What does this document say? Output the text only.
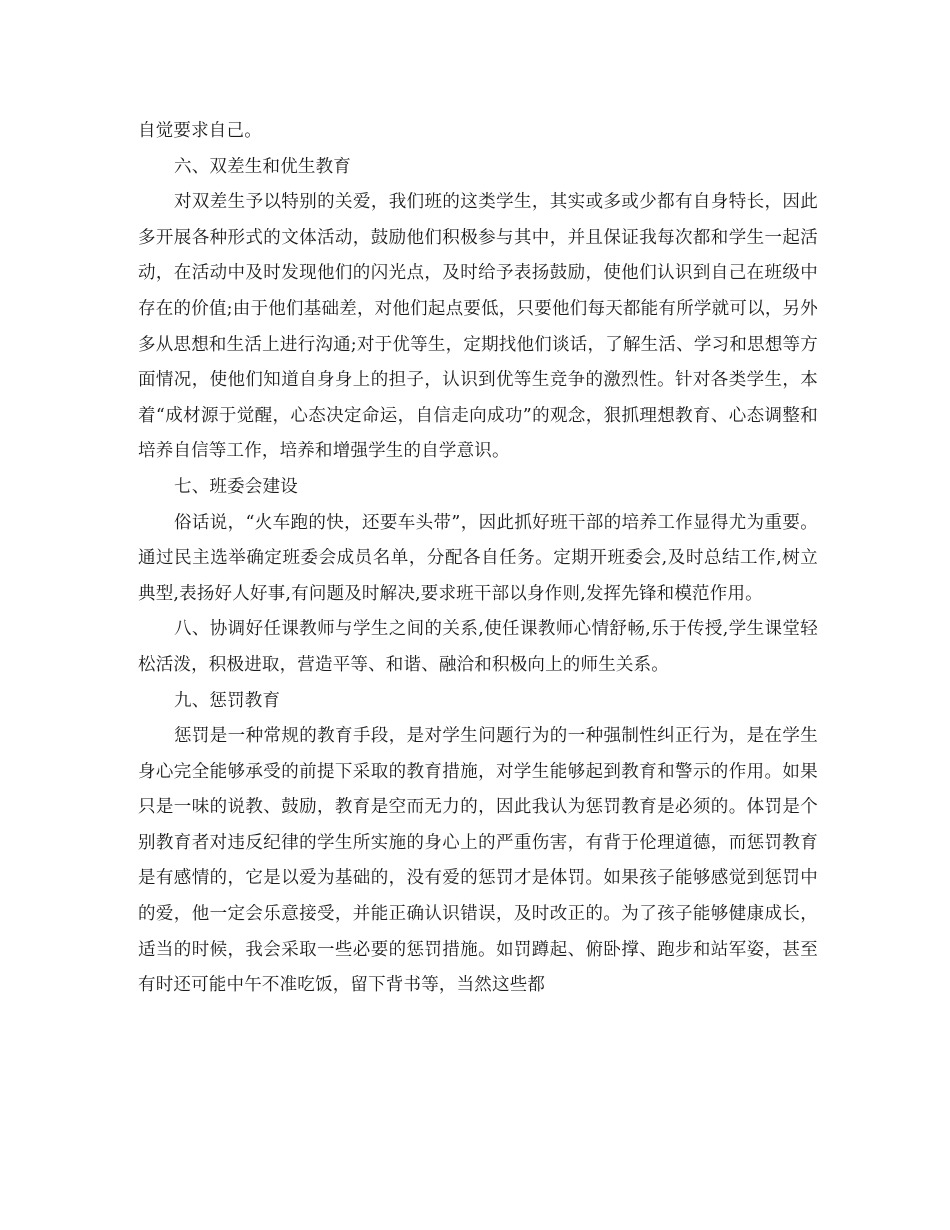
自觉要求自己。

六、双差生和优生教育

对双差生予以特别的关爱，我们班的这类学生，其实或多或少都有自身特长，因此多开展各种形式的文体活动，鼓励他们积极参与其中，并且保证我每次都和学生一起活动，在活动中及时发现他们的闪光点，及时给予表扬鼓励，使他们认识到自己在班级中存在的价值;由于他们基础差，对他们起点要低，只要他们每天都能有所学就可以，另外多从思想和生活上进行沟通;对于优等生，定期找他们谈话，了解生活、学习和思想等方面情况，使他们知道自身身上的担子，认识到优等生竞争的激烈性。针对各类学生，本着“成材源于觉醒，心态决定命运，自信走向成功”的观念，狠抓理想教育、心态调整和培养自信等工作，培养和增强学生的自学意识。

七、班委会建设

俗话说，“火车跑的快，还要车头带”，因此抓好班干部的培养工作显得尤为重要。通过民主选举确定班委会成员名单，分配各自任务。定期开班委会,及时总结工作,树立典型,表扬好人好事,有问题及时解决,要求班干部以身作则,发挥先锋和模范作用。

八、协调好任课教师与学生之间的关系,使任课教师心情舒畅,乐于传授,学生课堂轻松活泼，积极进取，营造平等、和谐、融洽和积极向上的师生关系。

九、惩罚教育

惩罚是一种常规的教育手段，是对学生问题行为的一种强制性纠正行为，是在学生身心完全能够承受的前提下采取的教育措施，对学生能够起到教育和警示的作用。如果只是一味的说教、鼓励，教育是空而无力的，因此我认为惩罚教育是必须的。体罚是个别教育者对违反纪律的学生所实施的身心上的严重伤害，有背于伦理道德，而惩罚教育是有感情的，它是以爱为基础的，没有爱的惩罚才是体罚。如果孩子能够感觉到惩罚中的爱，他一定会乐意接受，并能正确认识错误，及时改正的。为了孩子能够健康成长，适当的时候，我会采取一些必要的惩罚措施。如罚蹲起、俯卧撑、跑步和站军姿，甚至有时还可能中午不准吃饭，留下背书等，当然这些都
